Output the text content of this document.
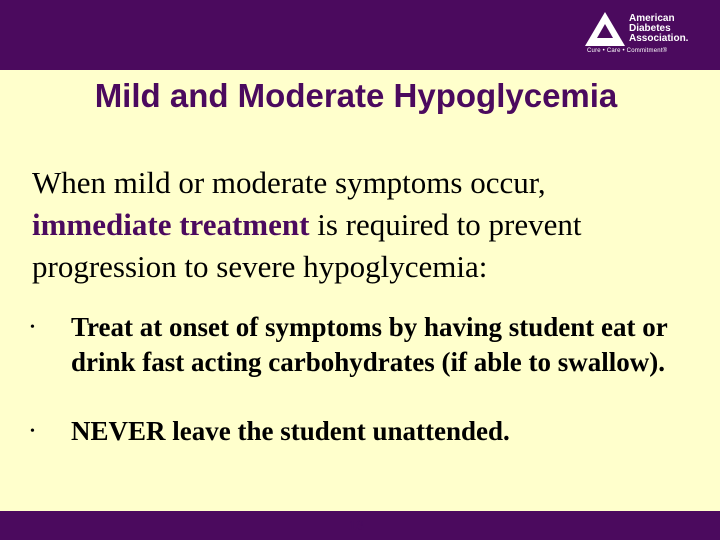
American
Diabetes
Association.
Cure • Care • Commitment®
Mild and Moderate Hypoglycemia

When mild or moderate symptoms occur,
immediate treatment is required to prevent progression to severe hypoglycemia:

• Treat at onset of symptoms by having student eat or drink fast acting carbohydrates (if able to swallow).
• NEVER leave the student unattended.
18
